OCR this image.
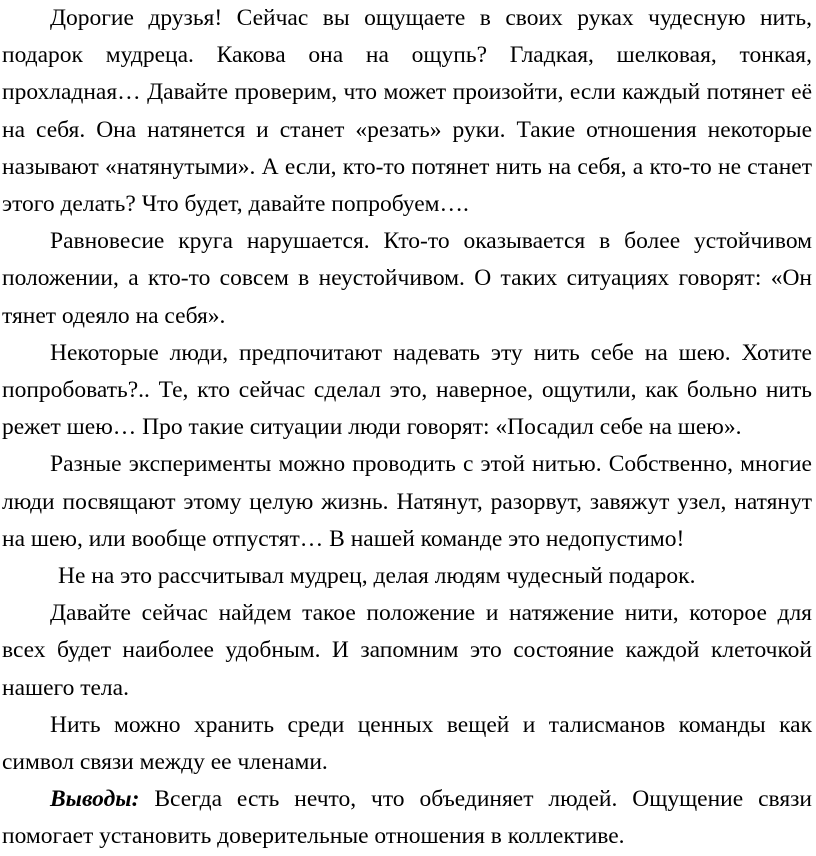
Дорогие друзья! Сейчас вы ощущаете в своих руках чудесную нить, подарок мудреца. Какова она на ощупь? Гладкая, шелковая, тонкая, прохладная… Давайте проверим, что может произойти, если каждый потянет её на себя. Она натянется и станет «резать» руки. Такие отношения некоторые называют «натянутыми». А если, кто-то потянет нить на себя, а кто-то не станет этого делать? Что будет, давайте попробуем….

Равновесие круга нарушается. Кто-то оказывается в более устойчивом положении, а кто-то совсем в неустойчивом. О таких ситуациях говорят: «Он тянет одеяло на себя».

Некоторые люди, предпочитают надевать эту нить себе на шею. Хотите попробовать?.. Те, кто сейчас сделал это, наверное, ощутили, как больно нить режет шею… Про такие ситуации люди говорят: «Посадил себе на шею».

Разные эксперименты можно проводить с этой нитью. Собственно, многие люди посвящают этому целую жизнь. Натянут, разорвут, завяжут узел, натянут на шею, или вообще отпустят… В нашей команде это недопустимо!

Не на это рассчитывал мудрец, делая людям чудесный подарок.

Давайте сейчас найдем такое положение и натяжение нити, которое для всех будет наиболее удобным. И запомним это состояние каждой клеточкой нашего тела.

Нить можно хранить среди ценных вещей и талисманов команды как символ связи между ее членами.

Выводы: Всегда есть нечто, что объединяет людей. Ощущение связи помогает установить доверительные отношения в коллективе.
